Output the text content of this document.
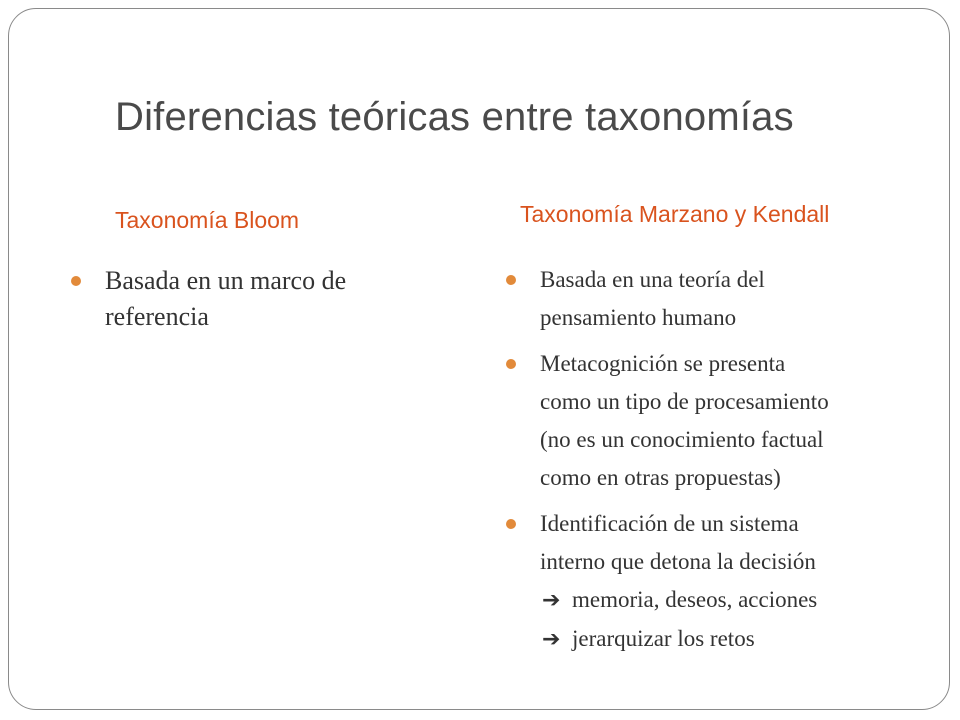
Diferencias teóricas entre taxonomías
Taxonomía Bloom	Taxonomía Marzano y Kendall
Basada en un marco de
referencia
Basada en una teoría del
pensamiento humano
Metacognición se presenta
como un tipo de procesamiento
(no es un conocimiento factual
como en otras propuestas)
Identificación de un sistema
interno que detona la decisión
➔ memoria, deseos, acciones
➔ jerarquizar los retos
